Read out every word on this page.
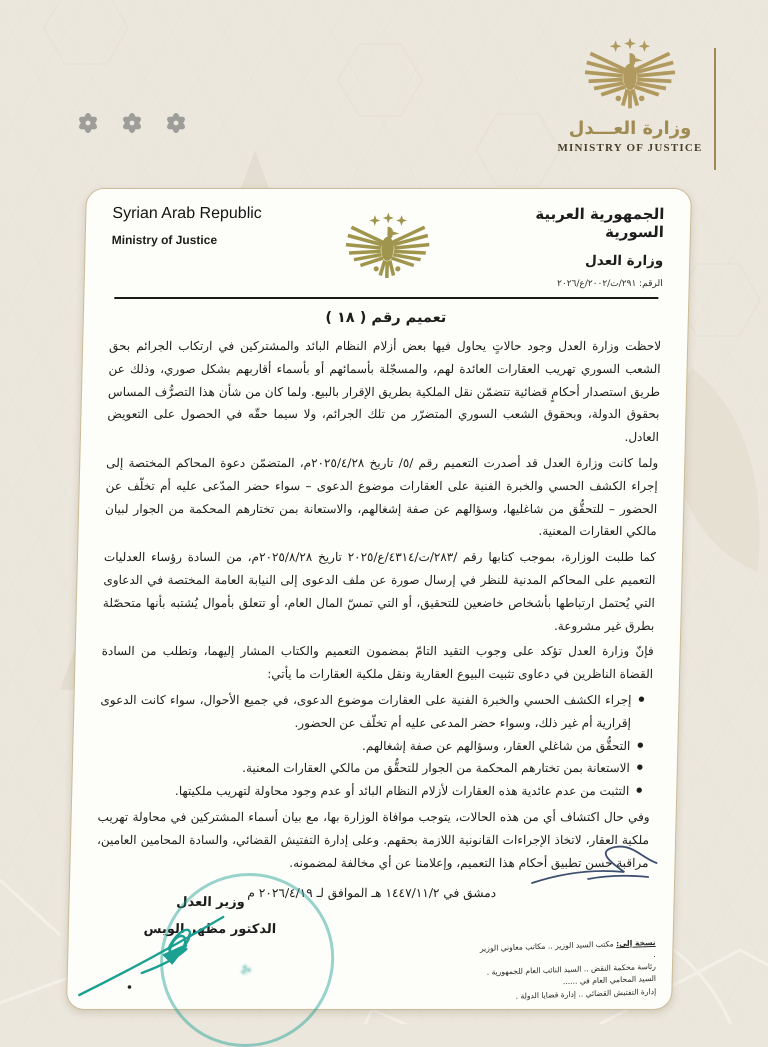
وزارة العـــدل
MINISTRY OF JUSTICE
الجمهورية العربية السورية
وزارة العدل
الرقم: ٢٩١/ت/٢٠٠٢/ع/٢٠٢٦
Syrian Arab Republic
Ministry of Justice
تعميم رقم ( ١٨ )

لاحظت وزارة العدل وجود حالاتٍ يحاول فيها بعض أزلام النظام البائد والمشتركين في ارتكاب الجرائم بحق الشعب السوري تهريب العقارات العائدة لهم، والمسجّلة بأسمائهم أو بأسماء أقاربهم بشكل صوري، وذلك عن طريق استصدار أحكامٍ قضائية تتضمّن نقل الملكية بطريق الإقرار بالبيع. ولما كان من شأن هذا التصرُّف المساس بحقوق الدولة، وبحقوق الشعب السوري المتضرّر من تلك الجرائم، ولا سيما حقّه في الحصول على التعويض العادل.

ولما كانت وزارة العدل قد أصدرت التعميم رقم /٥/ تاريخ ٢٠٢٥/٤/٢٨م، المتضمّن دعوة المحاكم المختصة إلى إجراء الكشف الحسي والخبرة الفنية على العقارات موضوع الدعوى – سواء حضر المدّعى عليه أم تخلّف عن الحضور – للتحقُّق من شاغليها، وسؤالهم عن صفة إشغالهم، والاستعانة بمن تختارهم المحكمة من الجوار لبيان مالكي العقارات المعنية.

كما طلبت الوزارة، بموجب كتابها رقم /٢٨٣/ت/٤٣١٤/ع/٢٠٢٥ تاريخ ٢٠٢٥/٨/٢٨م، من السادة رؤساء العدليات التعميم على المحاكم المدنية للنظر في إرسال صورة عن ملف الدعوى إلى النيابة العامة المختصة في الدعاوى التي يُحتمل ارتباطها بأشخاص خاضعين للتحقيق، أو التي تمسّ المال العام، أو تتعلق بأموال يُشتبه بأنها متحصّلة بطرق غير مشروعة.

فإنّ وزارة العدل تؤكد على وجوب التقيد التامّ بمضمون التعميم والكتاب المشار إليهما، وتطلب من السادة القضاة الناظرين في دعاوى تثبيت البيوع العقارية ونقل ملكية العقارات ما يأتي:

● إجراء الكشف الحسي والخبرة الفنية على العقارات موضوع الدعوى، في جميع الأحوال، سواء كانت الدعوى إقرارية أم غير ذلك، وسواء حضر المدعى عليه أم تخلّف عن الحضور.
● التحقُّق من شاغلي العقار، وسؤالهم عن صفة إشغالهم.
● الاستعانة بمن تختارهم المحكمة من الجوار للتحقُّق من مالكي العقارات المعنية.
● التثبت من عدم عائدية هذه العقارات لأزلام النظام البائد أو عدم وجود محاولة لتهريب ملكيتها.

وفي حال اكتشاف أي من هذه الحالات، يتوجب موافاة الوزارة بها، مع بيان أسماء المشتركين في محاولة تهريب ملكية العقار، لاتخاذ الإجراءات القانونية اللازمة بحقهم. وعلى إدارة التفتيش القضائي، والسادة المحامين العامين، مراقبة حسن تطبيق أحكام هذا التعميم، وإعلامنا عن أي مخالفة لمضمونه.

دمشق في ١٤٤٧/١١/٢ هـ الموافق لـ ٢٠٢٦/٤/١٩ م
وزير العدل
الدكتور مظهر الويس
☘
نسخة إلى: مكتب السيد الوزير .. مكاتب معاوني الوزير .
رئاسة محكمة النقض .. السيد النائب العام للجمهورية .
السيد المحامي العام في ......
إدارة التفتيش القضائي .. إدارة قضايا الدولة .
